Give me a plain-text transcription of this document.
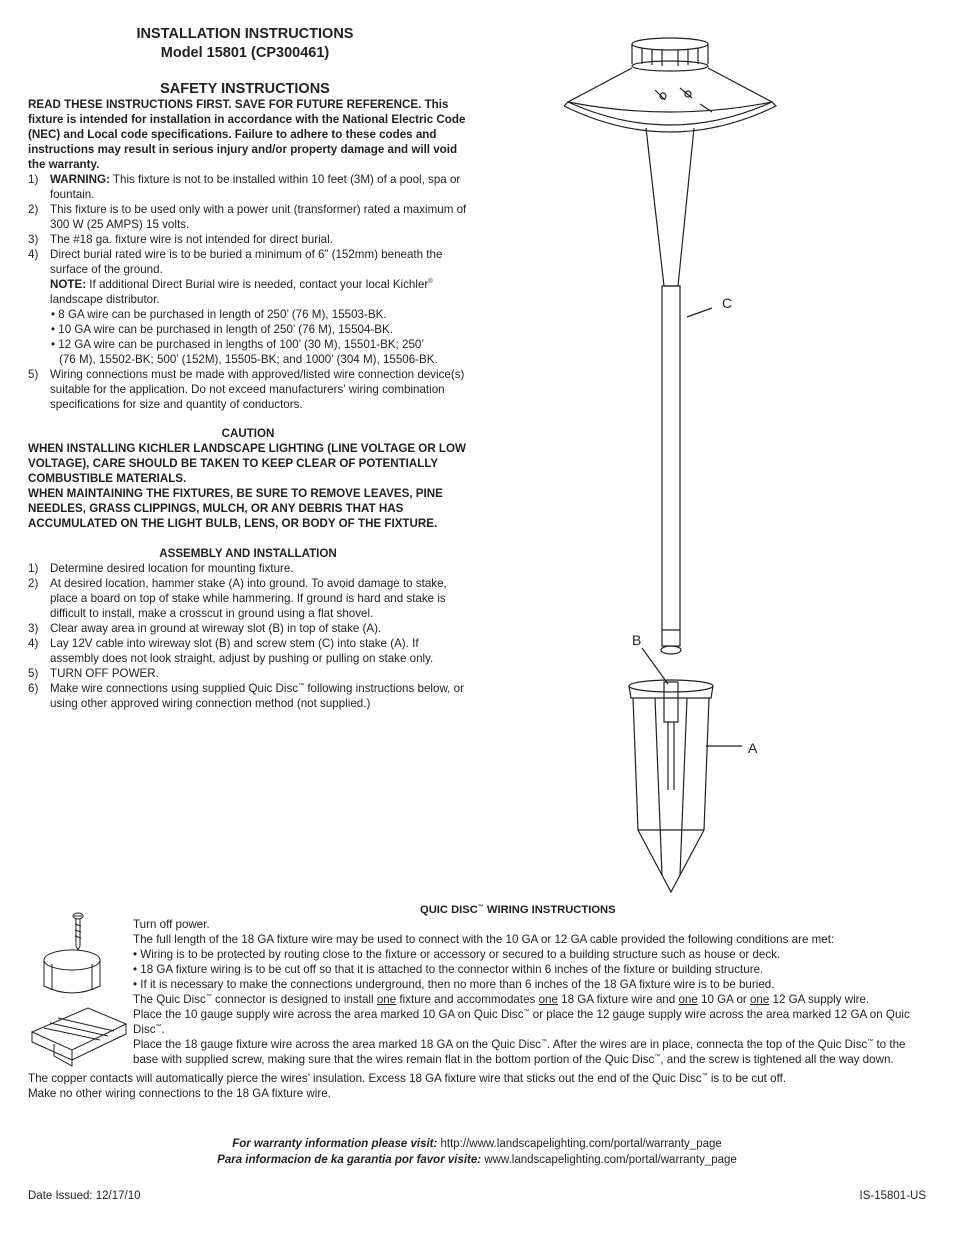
INSTALLATION INSTRUCTIONS
Model 15801 (CP300461)
SAFETY INSTRUCTIONS
READ THESE INSTRUCTIONS FIRST. SAVE FOR FUTURE REFERENCE. This fixture is intended for installation in accordance with the National Electric Code (NEC) and Local code specifications. Failure to adhere to these codes and instructions may result in serious injury and/or property damage and will void the warranty.
1) WARNING: This fixture is not to be installed within 10 feet (3M) of a pool, spa or fountain.
2) This fixture is to be used only with a power unit (transformer) rated a maximum of 300 W (25 AMPS) 15 volts.
3) The #18 ga. fixture wire is not intended for direct burial.
4) Direct burial rated wire is to be buried a minimum of 6” (152mm) beneath the surface of the ground.
NOTE: If additional Direct Burial wire is needed, contact your local Kichler® landscape distributor.
• 8 GA wire can be purchased in length of 250’ (76 M), 15503-BK.
• 10 GA wire can be purchased in length of 250’ (76 M), 15504-BK.
• 12 GA wire can be purchased in lengths of 100’ (30 M), 15501-BK; 250’
(76 M), 15502-BK; 500’ (152M), 15505-BK; and 1000’ (304 M), 15506-BK.
5) Wiring connections must be made with approved/listed wire connection device(s) suitable for the application. Do not exceed manufacturers’ wiring combination specifications for size and quantity of conductors.
CAUTION
WHEN INSTALLING KICHLER LANDSCAPE LIGHTING (LINE VOLTAGE OR LOW VOLTAGE), CARE SHOULD BE TAKEN TO KEEP CLEAR OF POTENTIALLY COMBUSTIBLE MATERIALS.
WHEN MAINTAINING THE FIXTURES, BE SURE TO REMOVE LEAVES, PINE NEEDLES, GRASS CLIPPINGS, MULCH, OR ANY DEBRIS THAT HAS ACCUMULATED ON THE LIGHT BULB, LENS, OR BODY OF THE FIXTURE.
ASSEMBLY AND INSTALLATION
1) Determine desired location for mounting fixture.
2) At desired location, hammer stake (A) into ground. To avoid damage to stake, place a board on top of stake while hammering. If ground is hard and stake is difficult to install, make a crosscut in ground using a flat shovel.
3) Clear away area in ground at wireway slot (B) in top of stake (A).
4) Lay 12V cable into wireway slot (B) and screw stem (C) into stake (A). If assembly does not look straight, adjust by pushing or pulling on stake only.
5) TURN OFF POWER.
6) Make wire connections using supplied Quic Disc™ following instructions below, or using other approved wiring connection method (not supplied.)
C
B
A
QUIC DISC™ WIRING INSTRUCTIONS
Turn off power.
The full length of the 18 GA fixture wire may be used to connect with the 10 GA or 12 GA cable provided the following conditions are met:
• Wiring is to be protected by routing close to the fixture or accessory or secured to a building structure such as house or deck.
• 18 GA fixture wiring is to be cut off so that it is attached to the connector within 6 inches of the fixture or building structure.
• If it is necessary to make the connections underground, then no more than 6 inches of the 18 GA fixture wire is to be buried.
The Quic Disc™ connector is designed to install one fixture and accommodates one 18 GA fixture wire and one 10 GA or one 12 GA supply wire.
Place the 10 gauge supply wire across the area marked 10 GA on Quic Disc™ or place the 12 gauge supply wire across the area marked 12 GA on Quic Disc™.
Place the 18 gauge fixture wire across the area marked 18 GA on the Quic Disc™. After the wires are in place, connecta the top of the Quic Disc™ to the base with supplied screw, making sure that the wires remain flat in the bottom portion of the Quic Disc™, and the screw is tightened all the way down.
The copper contacts will automatically pierce the wires’ insulation. Excess 18 GA fixture wire that sticks out the end of the Quic Disc™ is to be cut off.
Make no other wiring connections to the 18 GA fixture wire.
For warranty information please visit: http://www.landscapelighting.com/portal/warranty_page
Para informacion de ka garantia por favor visite: www.landscapelighting.com/portal/warranty_page
Date Issued: 12/17/10	IS-15801-US
